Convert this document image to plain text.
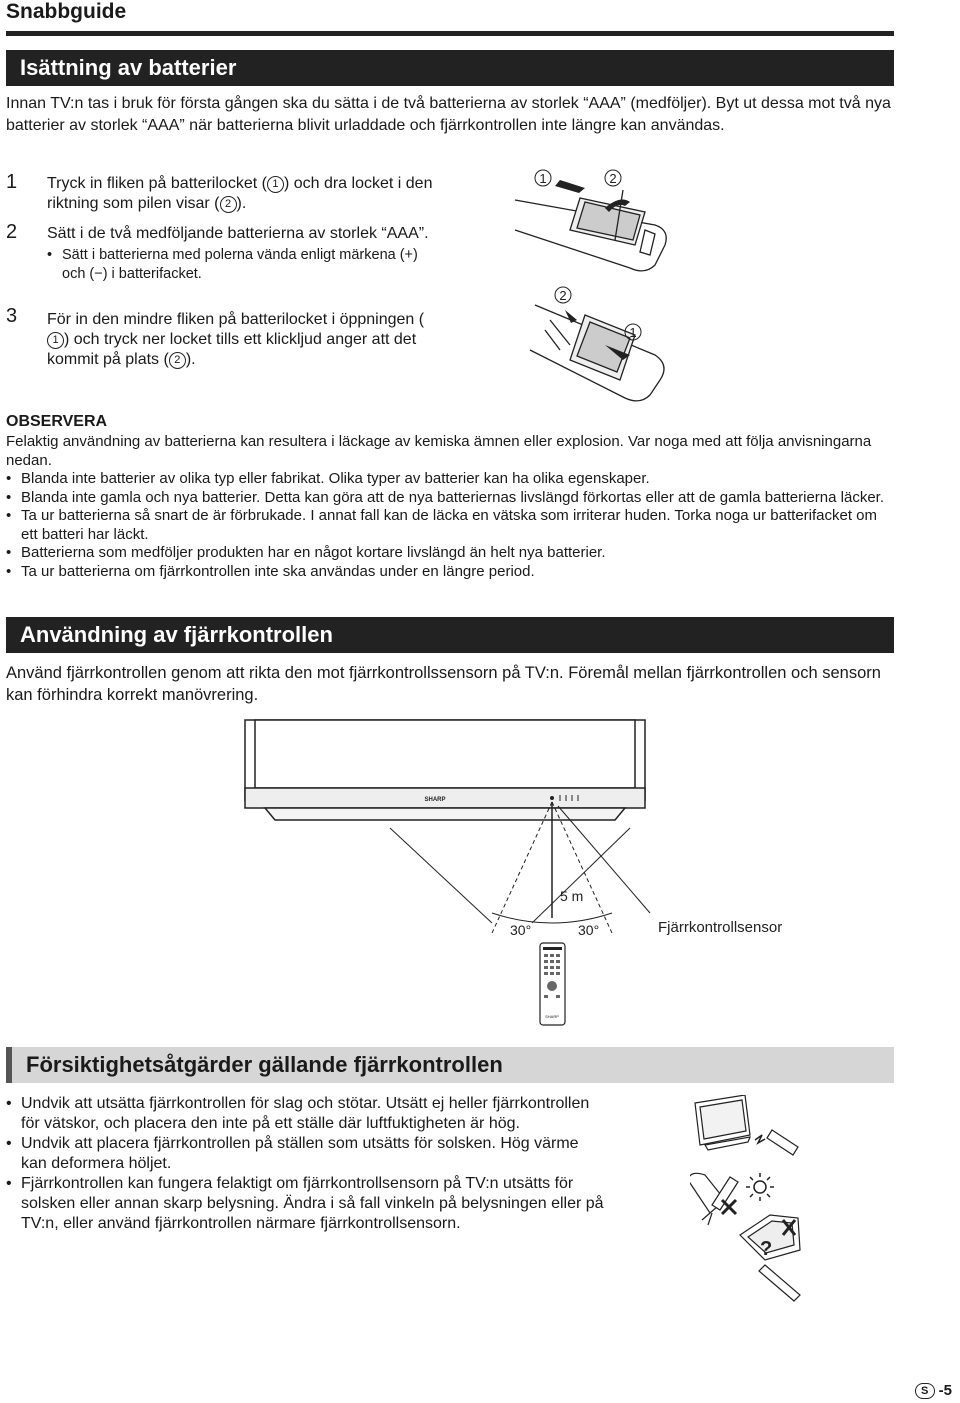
Snabbguide
Isättning av batterier
Innan TV:n tas i bruk för första gången ska du sätta i de två batterierna av storlek “AAA” (medföljer). Byt ut dessa mot två nya batterier av storlek “AAA” när batterierna blivit urladdade och fjärrkontrollen inte längre kan användas.
1 Tryck in fliken på batterilocket ( 1 ) och dra locket i den riktning som pilen visar ( 2 ).
2 Sätt i de två medföljande batterierna av storlek “AAA”.
• Sätt i batterierna med polerna vända enligt märkena (+) och (−) i batterifacket.
3 För in den mindre fliken på batterilocket i öppningen (1 ) och tryck ner locket tills ett klickljud anger att det kommit på plats ( 2 ).
1	2
2
1
OBSERVERA
Felaktig användning av batterierna kan resultera i läckage av kemiska ämnen eller explosion. Var noga med att följa anvisningarna nedan.
• Blanda inte batterier av olika typ eller fabrikat. Olika typer av batterier kan ha olika egenskaper.
• Blanda inte gamla och nya batterier. Detta kan göra att de nya batteriernas livslängd förkortas eller att de gamla batterierna läcker.
• Ta ur batterierna så snart de är förbrukade. I annat fall kan de läcka en vätska som irriterar huden. Torka noga ur batterifacket om ett batteri har läckt.
• Batterierna som medföljer produkten har en något kortare livslängd än helt nya batterier.
• Ta ur batterierna om fjärrkontrollen inte ska användas under en längre period.
Användning av fjärrkontrollen
Använd fjärrkontrollen genom att rikta den mot fjärrkontrollssensorn på TV:n. Föremål mellan fjärrkontrollen och sensorn kan förhindra korrekt manövrering.
SHARP
5 m
30°	30°	Fjärrkontrollsensor
SHARP
Försiktighetsåtgärder gällande fjärrkontrollen
• Undvik att utsätta fjärrkontrollen för slag och stötar. Utsätt ej heller fjärrkontrollen för vätskor, och placera den inte på ett ställe där luftfuktigheten är hög.
• Undvik att placera fjärrkontrollen på ställen som utsätts för solsken. Hög värme kan deformera höljet.
• Fjärrkontrollen kan fungera felaktigt om fjärrkontrollsensorn på TV:n utsätts för solsken eller annan skarp belysning. Ändra i så fall vinkeln på belysningen eller på TV:n, eller använd fjärrkontrollen närmare fjärrkontrollsensorn.
?
S -5
